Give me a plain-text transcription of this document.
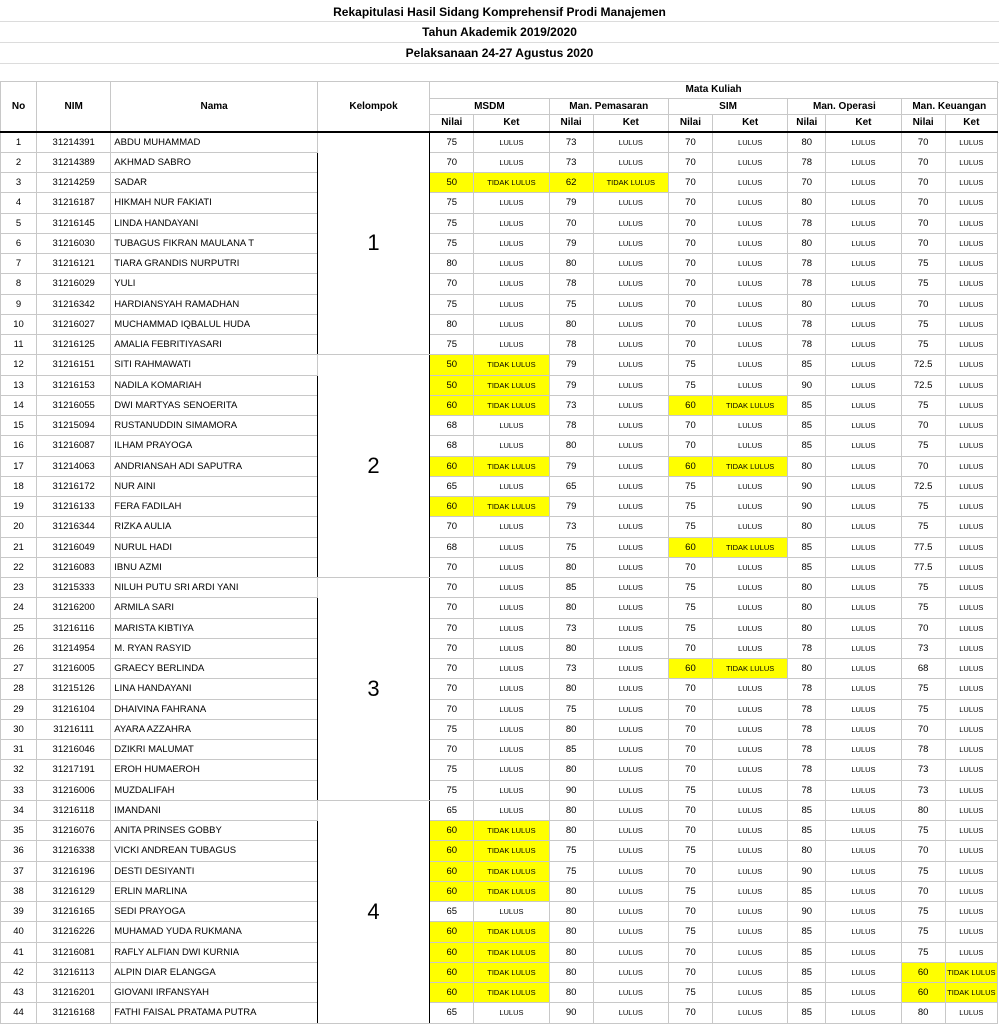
Rekapitulasi Hasil Sidang Komprehensif Prodi Manajemen
Tahun Akademik 2019/2020
Pelaksanaan 24-27 Agustus 2020
No	NIM	Nama	Kelompok	Mata Kuliah									
				MSDM		Man. Pemasaran		SIM		Man. Operasi		Man. Keuangan	
				Nilai	Ket	Nilai	Ket	Nilai	Ket	Nilai	Ket	Nilai	Ket
1	31214391	ABDU MUHAMMAD	1	75	LULUS	73	LULUS	70	LULUS	80	LULUS	70	LULUS
2	31214389	AKHMAD SABRO		70	LULUS	73	LULUS	70	LULUS	78	LULUS	70	LULUS
3	31214259	SADAR		50	TIDAK LULUS	62	TIDAK LULUS	70	LULUS	70	LULUS	70	LULUS
4	31216187	HIKMAH NUR FAKIATI		75	LULUS	79	LULUS	70	LULUS	80	LULUS	70	LULUS
5	31216145	LINDA HANDAYANI		75	LULUS	70	LULUS	70	LULUS	78	LULUS	70	LULUS
6	31216030	TUBAGUS FIKRAN MAULANA T		75	LULUS	79	LULUS	70	LULUS	80	LULUS	70	LULUS
7	31216121	TIARA GRANDIS NURPUTRI		80	LULUS	80	LULUS	70	LULUS	78	LULUS	75	LULUS
8	31216029	YULI		70	LULUS	78	LULUS	70	LULUS	78	LULUS	75	LULUS
9	31216342	HARDIANSYAH RAMADHAN		75	LULUS	75	LULUS	70	LULUS	80	LULUS	70	LULUS
10	31216027	MUCHAMMAD IQBALUL HUDA		80	LULUS	80	LULUS	70	LULUS	78	LULUS	75	LULUS
11	31216125	AMALIA FEBRITIYASARI		75	LULUS	78	LULUS	70	LULUS	78	LULUS	75	LULUS
12	31216151	SITI RAHMAWATI	2	50	TIDAK LULUS	79	LULUS	75	LULUS	85	LULUS	72.5	LULUS
13	31216153	NADILA KOMARIAH		50	TIDAK LULUS	79	LULUS	75	LULUS	90	LULUS	72.5	LULUS
14	31216055	DWI MARTYAS SENOERITA		60	TIDAK LULUS	73	LULUS	60	TIDAK LULUS	85	LULUS	75	LULUS
15	31215094	RUSTANUDDIN SIMAMORA		68	LULUS	78	LULUS	70	LULUS	85	LULUS	70	LULUS
16	31216087	ILHAM PRAYOGA		68	LULUS	80	LULUS	70	LULUS	85	LULUS	75	LULUS
17	31214063	ANDRIANSAH ADI SAPUTRA		60	TIDAK LULUS	79	LULUS	60	TIDAK LULUS	80	LULUS	70	LULUS
18	31216172	NUR AINI		65	LULUS	65	LULUS	75	LULUS	90	LULUS	72.5	LULUS
19	31216133	FERA FADILAH		60	TIDAK LULUS	79	LULUS	75	LULUS	90	LULUS	75	LULUS
20	31216344	RIZKA AULIA		70	LULUS	73	LULUS	75	LULUS	80	LULUS	75	LULUS
21	31216049	NURUL HADI		68	LULUS	75	LULUS	60	TIDAK LULUS	85	LULUS	77.5	LULUS
22	31216083	IBNU AZMI		70	LULUS	80	LULUS	70	LULUS	85	LULUS	77.5	LULUS
23	31215333	NILUH PUTU SRI ARDI YANI	3	70	LULUS	85	LULUS	75	LULUS	80	LULUS	75	LULUS
24	31216200	ARMILA SARI		70	LULUS	80	LULUS	75	LULUS	80	LULUS	75	LULUS
25	31216116	MARISTA KIBTIYA		70	LULUS	73	LULUS	75	LULUS	80	LULUS	70	LULUS
26	31214954	M. RYAN RASYID		70	LULUS	80	LULUS	70	LULUS	78	LULUS	73	LULUS
27	31216005	GRAECY BERLINDA		70	LULUS	73	LULUS	60	TIDAK LULUS	80	LULUS	68	LULUS
28	31215126	LINA HANDAYANI		70	LULUS	80	LULUS	70	LULUS	78	LULUS	75	LULUS
29	31216104	DHAIVINA FAHRANA		70	LULUS	75	LULUS	70	LULUS	78	LULUS	75	LULUS
30	31216111	AYARA AZZAHRA		75	LULUS	80	LULUS	70	LULUS	78	LULUS	70	LULUS
31	31216046	DZIKRI MALUMAT		70	LULUS	85	LULUS	70	LULUS	78	LULUS	78	LULUS
32	31217191	EROH HUMAEROH		75	LULUS	80	LULUS	70	LULUS	78	LULUS	73	LULUS
33	31216006	MUZDALIFAH		75	LULUS	90	LULUS	75	LULUS	78	LULUS	73	LULUS
34	31216118	IMANDANI	4	65	LULUS	80	LULUS	70	LULUS	85	LULUS	80	LULUS
35	31216076	ANITA PRINSES GOBBY		60	TIDAK LULUS	80	LULUS	70	LULUS	85	LULUS	75	LULUS
36	31216338	VICKI ANDREAN TUBAGUS		60	TIDAK LULUS	75	LULUS	75	LULUS	80	LULUS	70	LULUS
37	31216196	DESTI DESIYANTI		60	TIDAK LULUS	75	LULUS	70	LULUS	90	LULUS	75	LULUS
38	31216129	ERLIN MARLINA		60	TIDAK LULUS	80	LULUS	75	LULUS	85	LULUS	70	LULUS
39	31216165	SEDI PRAYOGA		65	LULUS	80	LULUS	70	LULUS	90	LULUS	75	LULUS
40	31216226	MUHAMAD YUDA RUKMANA		60	TIDAK LULUS	80	LULUS	75	LULUS	85	LULUS	75	LULUS
41	31216081	RAFLY ALFIAN DWI KURNIA		60	TIDAK LULUS	80	LULUS	70	LULUS	85	LULUS	75	LULUS
42	31216113	ALPIN DIAR ELANGGA		60	TIDAK LULUS	80	LULUS	70	LULUS	85	LULUS	60	TIDAK LULUS
43	31216201	GIOVANI IRFANSYAH		60	TIDAK LULUS	80	LULUS	75	LULUS	85	LULUS	60	TIDAK LULUS
44	31216168	FATHI FAISAL PRATAMA PUTRA		65	LULUS	90	LULUS	70	LULUS	85	LULUS	80	LULUS
